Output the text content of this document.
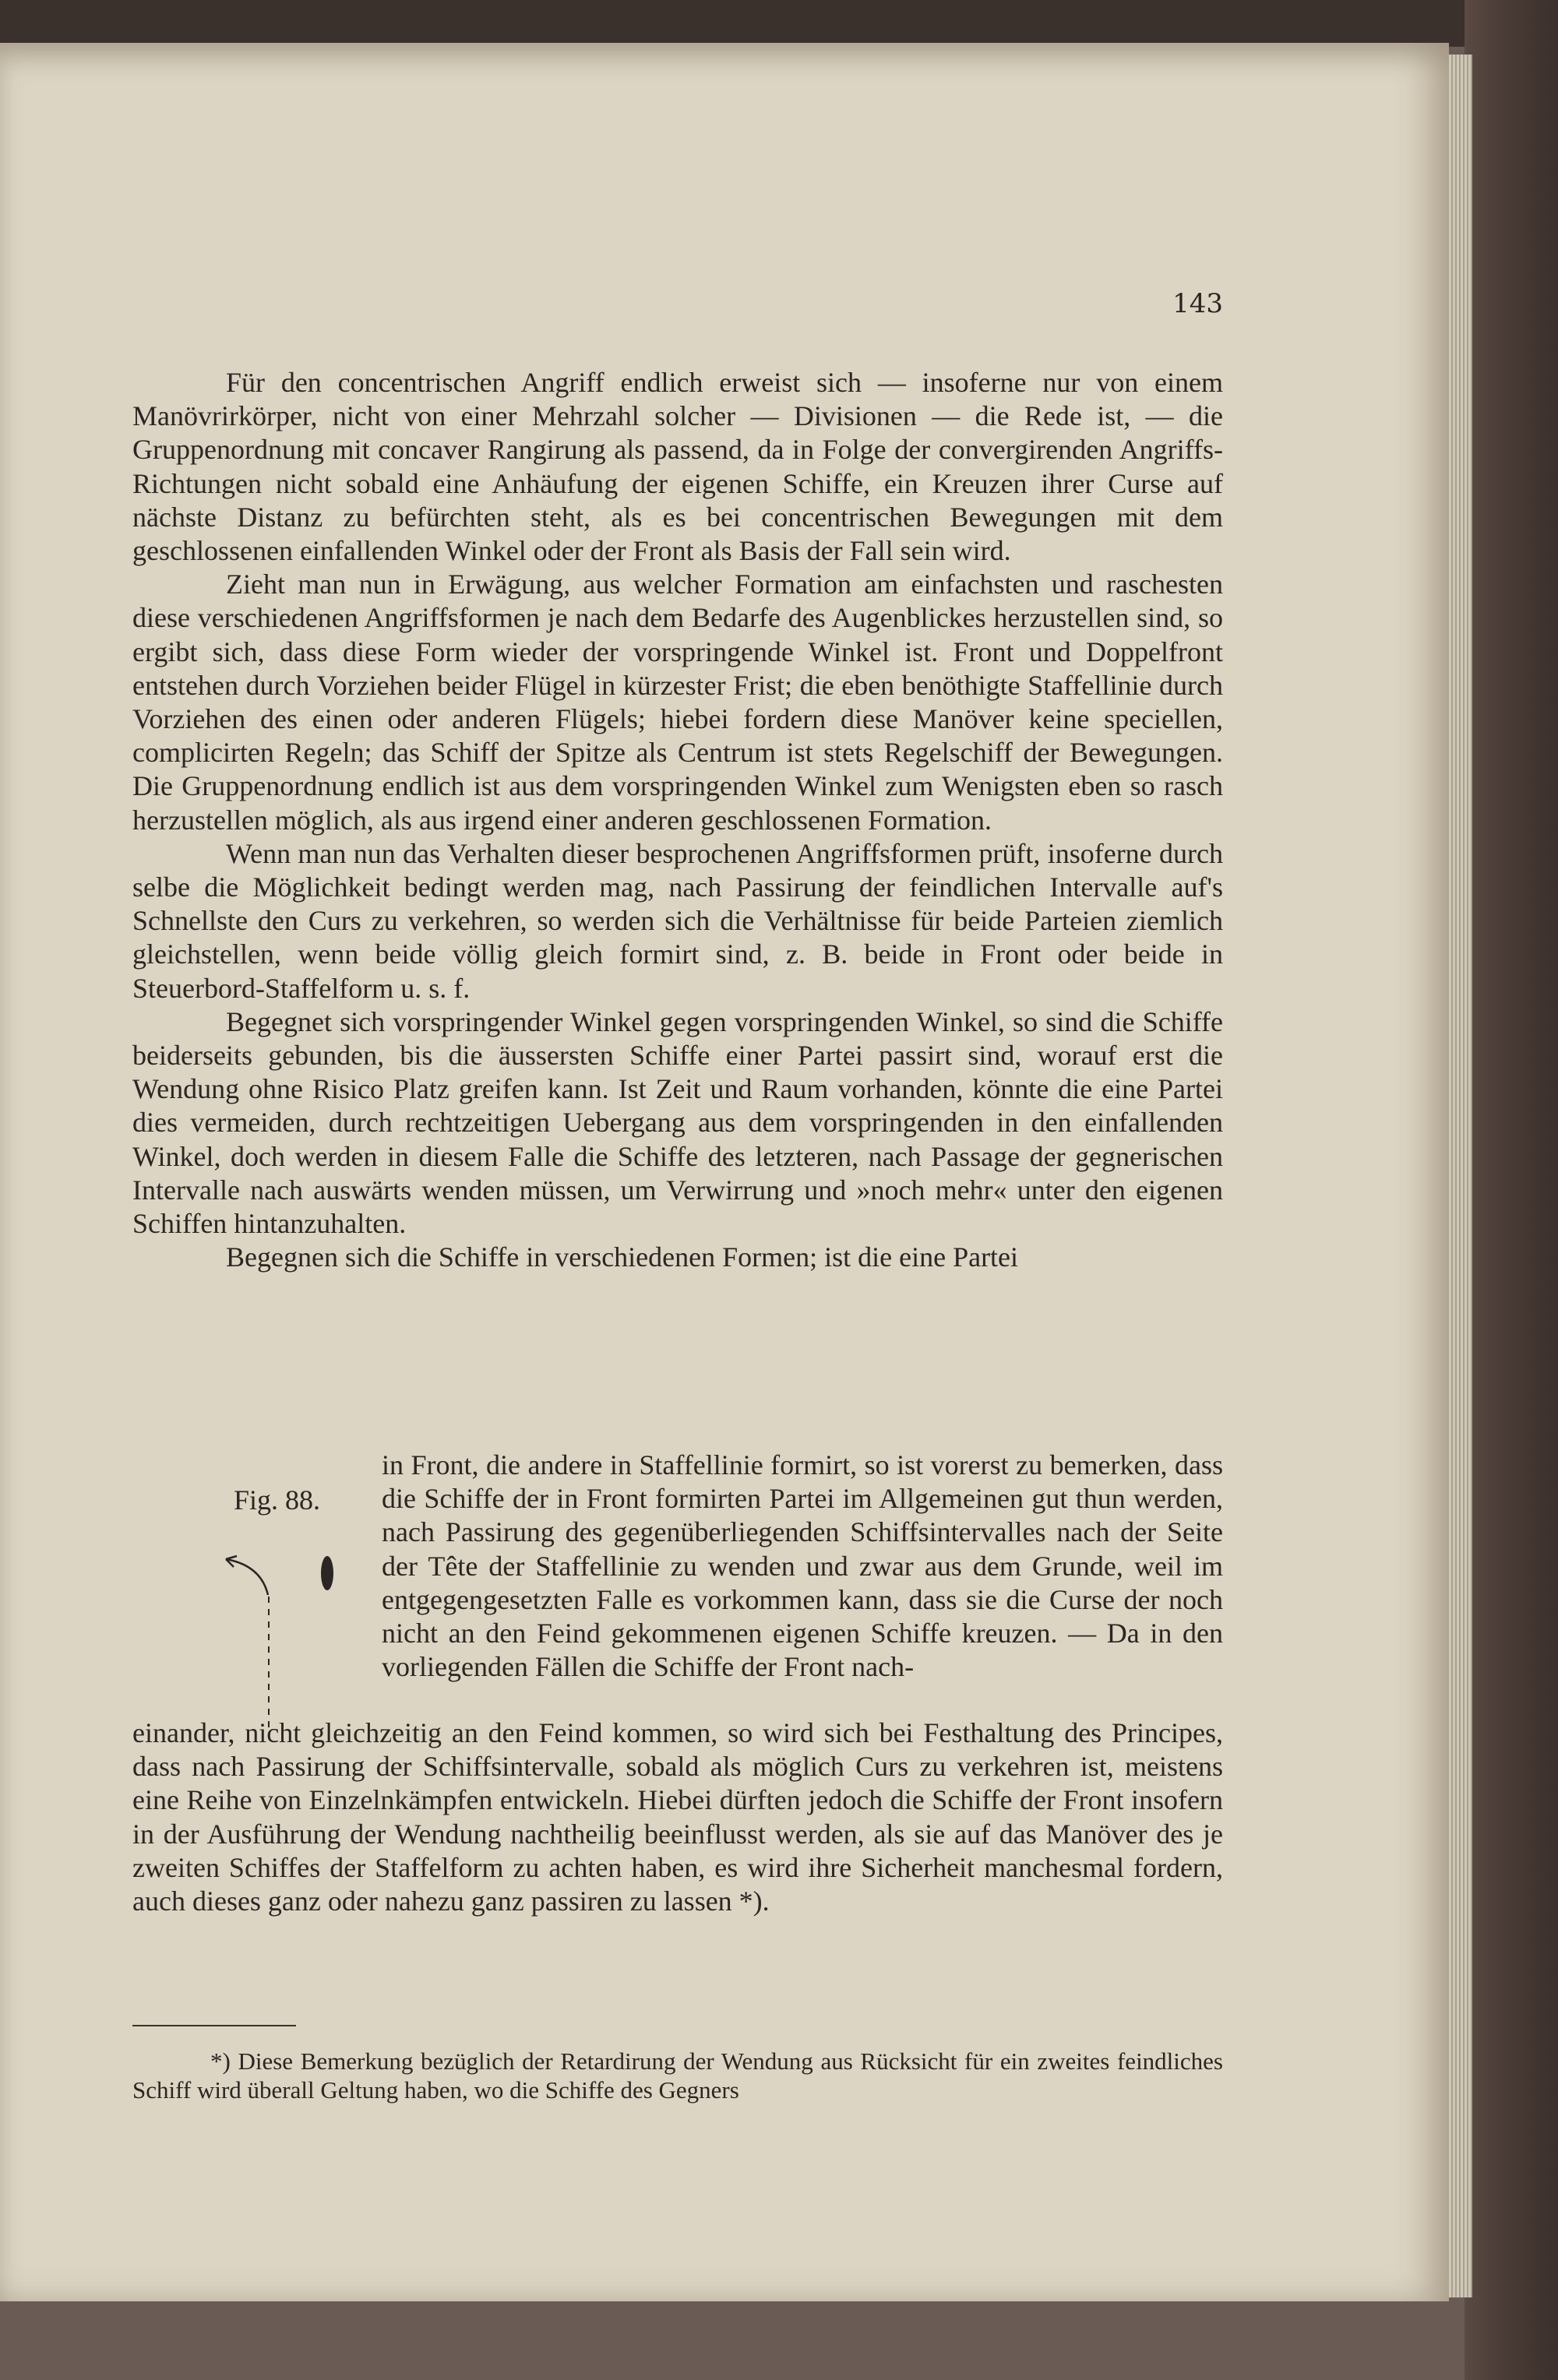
143

Für den concentrischen Angriff endlich erweist sich — insoferne nur von einem Manövrirkörper, nicht von einer Mehrzahl solcher — Divisionen — die Rede ist, — die Gruppenordnung mit concaver Rangirung als passend, da in Folge der convergirenden Angriffs-Richtungen nicht sobald eine Anhäufung der eigenen Schiffe, ein Kreuzen ihrer Curse auf nächste Distanz zu befürchten steht, als es bei concentrischen Bewegungen mit dem geschlossenen einfallenden Winkel oder der Front als Basis der Fall sein wird.

Zieht man nun in Erwägung, aus welcher Formation am einfachsten und raschesten diese verschiedenen Angriffsformen je nach dem Bedarfe des Augenblickes herzustellen sind, so ergibt sich, dass diese Form wieder der vorspringende Winkel ist. Front und Doppelfront entstehen durch Vorziehen beider Flügel in kürzester Frist; die eben benöthigte Staffellinie durch Vorziehen des einen oder anderen Flügels; hiebei fordern diese Manöver keine speciellen, complicirten Regeln; das Schiff der Spitze als Centrum ist stets Regelschiff der Bewegungen. Die Gruppenordnung endlich ist aus dem vorspringenden Winkel zum Wenigsten eben so rasch herzustellen möglich, als aus irgend einer anderen geschlossenen Formation.

Wenn man nun das Verhalten dieser besprochenen Angriffsformen prüft, insoferne durch selbe die Möglichkeit bedingt werden mag, nach Passirung der feindlichen Intervalle auf's Schnellste den Curs zu verkehren, so werden sich die Verhältnisse für beide Parteien ziemlich gleichstellen, wenn beide völlig gleich formirt sind, z. B. beide in Front oder beide in Steuerbord-Staffelform u. s. f.

Begegnet sich vorspringender Winkel gegen vorspringenden Winkel, so sind die Schiffe beiderseits gebunden, bis die äussersten Schiffe einer Partei passirt sind, worauf erst die Wendung ohne Risico Platz greifen kann. Ist Zeit und Raum vorhanden, könnte die eine Partei dies vermeiden, durch rechtzeitigen Uebergang aus dem vorspringenden in den einfallenden Winkel, doch werden in diesem Falle die Schiffe des letzteren, nach Passage der gegnerischen Intervalle nach auswärts wenden müssen, um Verwirrung und »noch mehr« unter den eigenen Schiffen hintanzuhalten.

Begegnen sich die Schiffe in verschiedenen Formen; ist die eine Partei

Fig. 88.

in Front, die andere in Staffellinie formirt, so ist vorerst zu bemerken, dass die Schiffe der in Front formirten Partei im Allgemeinen gut thun werden, nach Passirung des gegenüberliegenden Schiffsintervalles nach der Seite der Tête der Staffellinie zu wenden und zwar aus dem Grunde, weil im entgegengesetzten Falle es vorkommen kann, dass sie die Curse der noch nicht an den Feind gekommenen eigenen Schiffe kreuzen. — Da in den vorliegenden Fällen die Schiffe der Front nach-

einander, nicht gleichzeitig an den Feind kommen, so wird sich bei Festhaltung des Principes, dass nach Passirung der Schiffsintervalle, sobald als möglich Curs zu verkehren ist, meistens eine Reihe von Einzelnkämpfen entwickeln. Hiebei dürften jedoch die Schiffe der Front insofern in der Ausführung der Wendung nachtheilig beeinflusst werden, als sie auf das Manöver des je zweiten Schiffes der Staffelform zu achten haben, es wird ihre Sicherheit manchesmal fordern, auch dieses ganz oder nahezu ganz passiren zu lassen *).

*) Diese Bemerkung bezüglich der Retardirung der Wendung aus Rücksicht für ein zweites feindliches Schiff wird überall Geltung haben, wo die Schiffe des Gegners
